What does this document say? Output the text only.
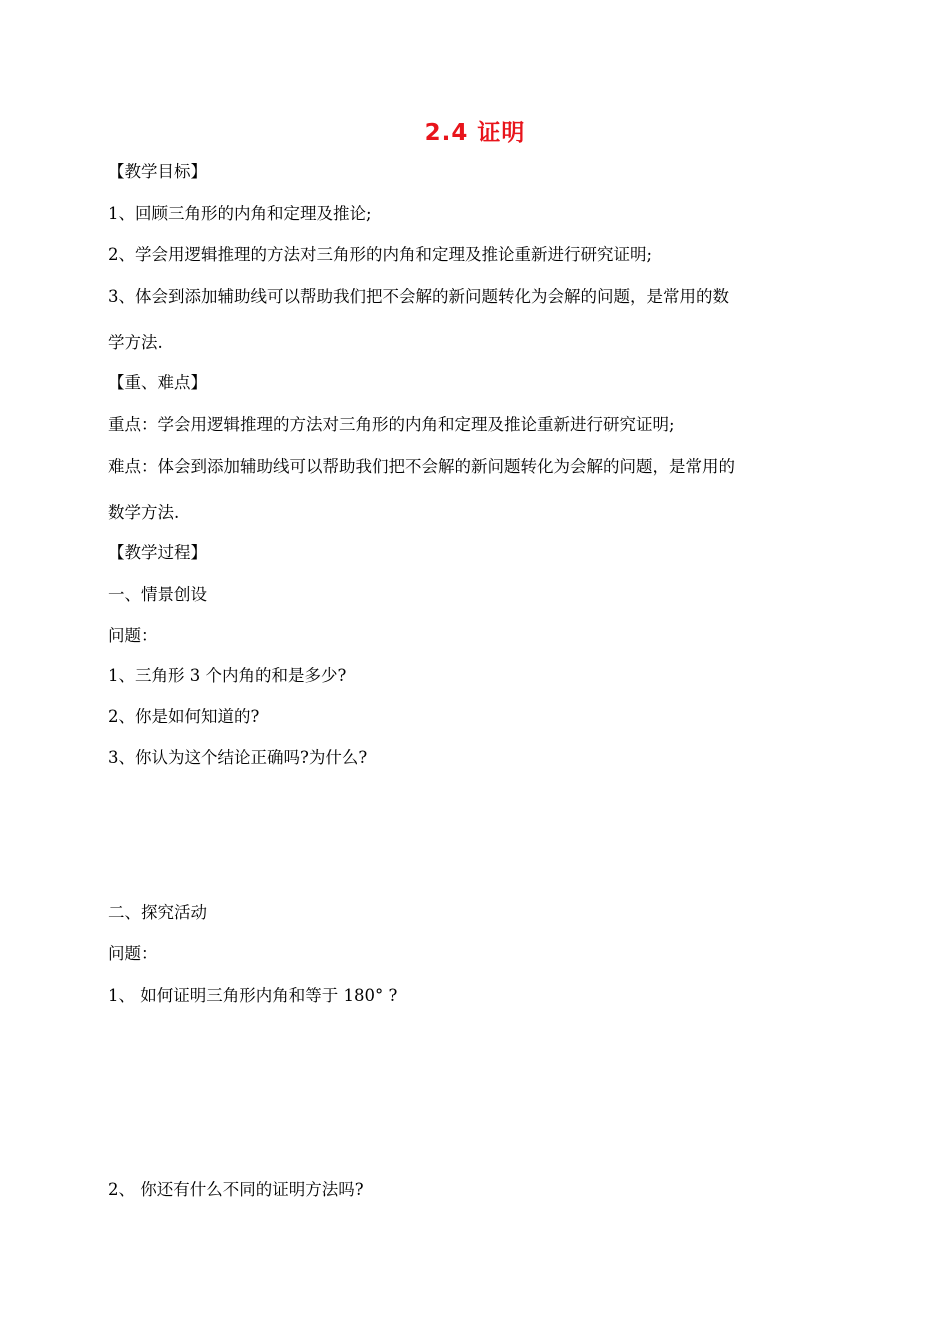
2.4 证明
【教学目标】
1、回顾三角形的内角和定理及推论;
2、学会用逻辑推理的方法对三角形的内角和定理及推论重新进行研究证明;
3、体会到添加辅助线可以帮助我们把不会解的新问题转化为会解的问题，是常用的数
学方法.
【重、难点】
重点：学会用逻辑推理的方法对三角形的内角和定理及推论重新进行研究证明;
难点：体会到添加辅助线可以帮助我们把不会解的新问题转化为会解的问题，是常用的
数学方法.
【教学过程】
一、情景创设
问题：
1、三角形 3 个内角的和是多少?
2、你是如何知道的?
3、你认为这个结论正确吗?为什么?
二、探究活动
问题：
1、 如何证明三角形内角和等于 180° ?
2、 你还有什么不同的证明方法吗?
